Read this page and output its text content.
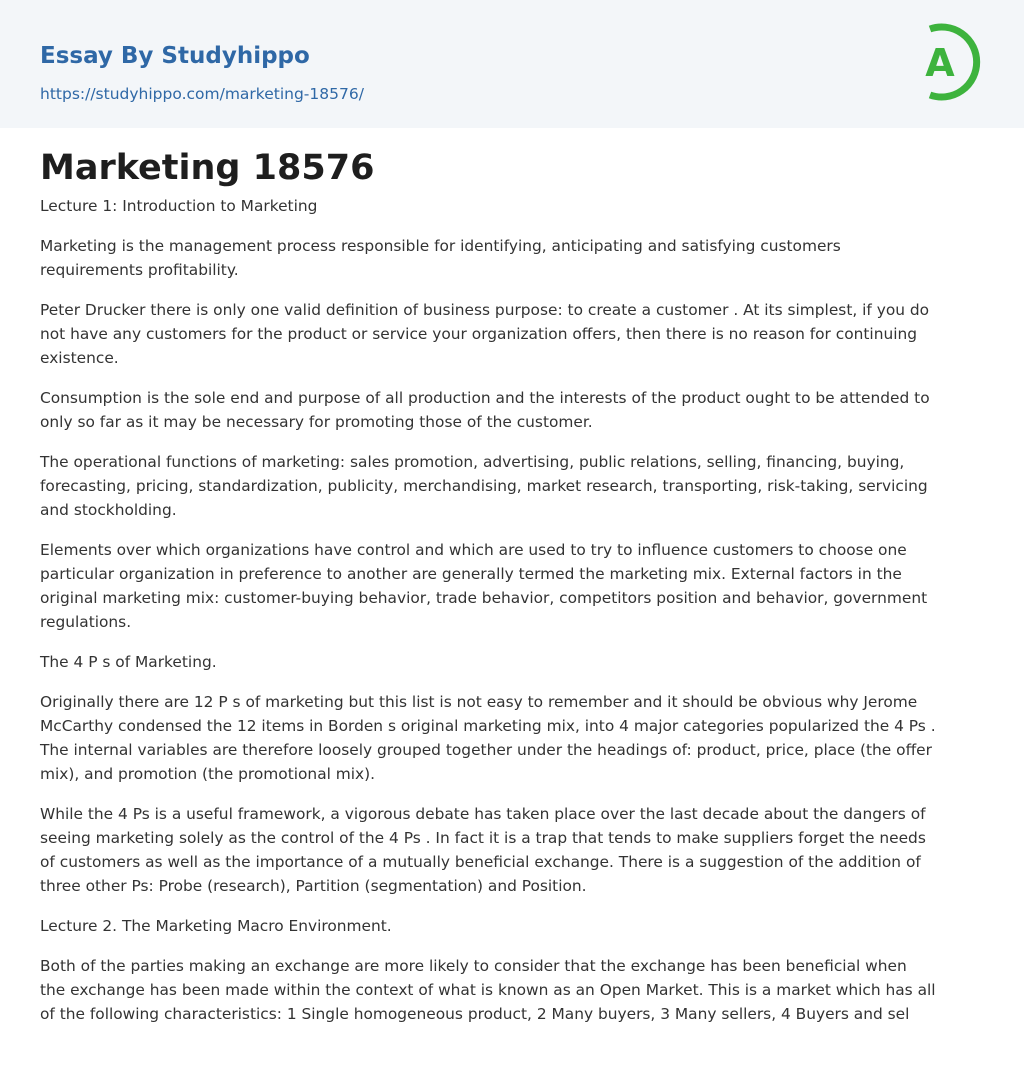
Essay By Studyhippo
https://studyhippo.com/marketing-18576/
A
Marketing 18576

Lecture 1: Introduction to Marketing

Marketing is the management process responsible for identifying, anticipating and satisfying customers
requirements profitability.

Peter Drucker there is only one valid definition of business purpose: to create a customer . At its simplest, if you do
not have any customers for the product or service your organization offers, then there is no reason for continuing
existence.

Consumption is the sole end and purpose of all production and the interests of the product ought to be attended to
only so far as it may be necessary for promoting those of the customer.

The operational functions of marketing: sales promotion, advertising, public relations, selling, financing, buying,
forecasting, pricing, standardization, publicity, merchandising, market research, transporting, risk-taking, servicing
and stockholding.

Elements over which organizations have control and which are used to try to influence customers to choose one
particular organization in preference to another are generally termed the marketing mix. External factors in the
original marketing mix: customer-buying behavior, trade behavior, competitors position and behavior, government
regulations.

The 4 P s of Marketing.

Originally there are 12 P s of marketing but this list is not easy to remember and it should be obvious why Jerome
McCarthy condensed the 12 items in Borden s original marketing mix, into 4 major categories popularized the 4 Ps .
The internal variables are therefore loosely grouped together under the headings of: product, price, place (the offer
mix), and promotion (the promotional mix).

While the 4 Ps is a useful framework, a vigorous debate has taken place over the last decade about the dangers of
seeing marketing solely as the control of the 4 Ps . In fact it is a trap that tends to make suppliers forget the needs
of customers as well as the importance of a mutually beneficial exchange. There is a suggestion of the addition of
three other Ps: Probe (research), Partition (segmentation) and Position.

Lecture 2. The Marketing Macro Environment.

Both of the parties making an exchange are more likely to consider that the exchange has been beneficial when
the exchange has been made within the context of what is known as an Open Market. This is a market which has all
of the following characteristics: 1 Single homogeneous product, 2 Many buyers, 3 Many sellers, 4 Buyers and sel
